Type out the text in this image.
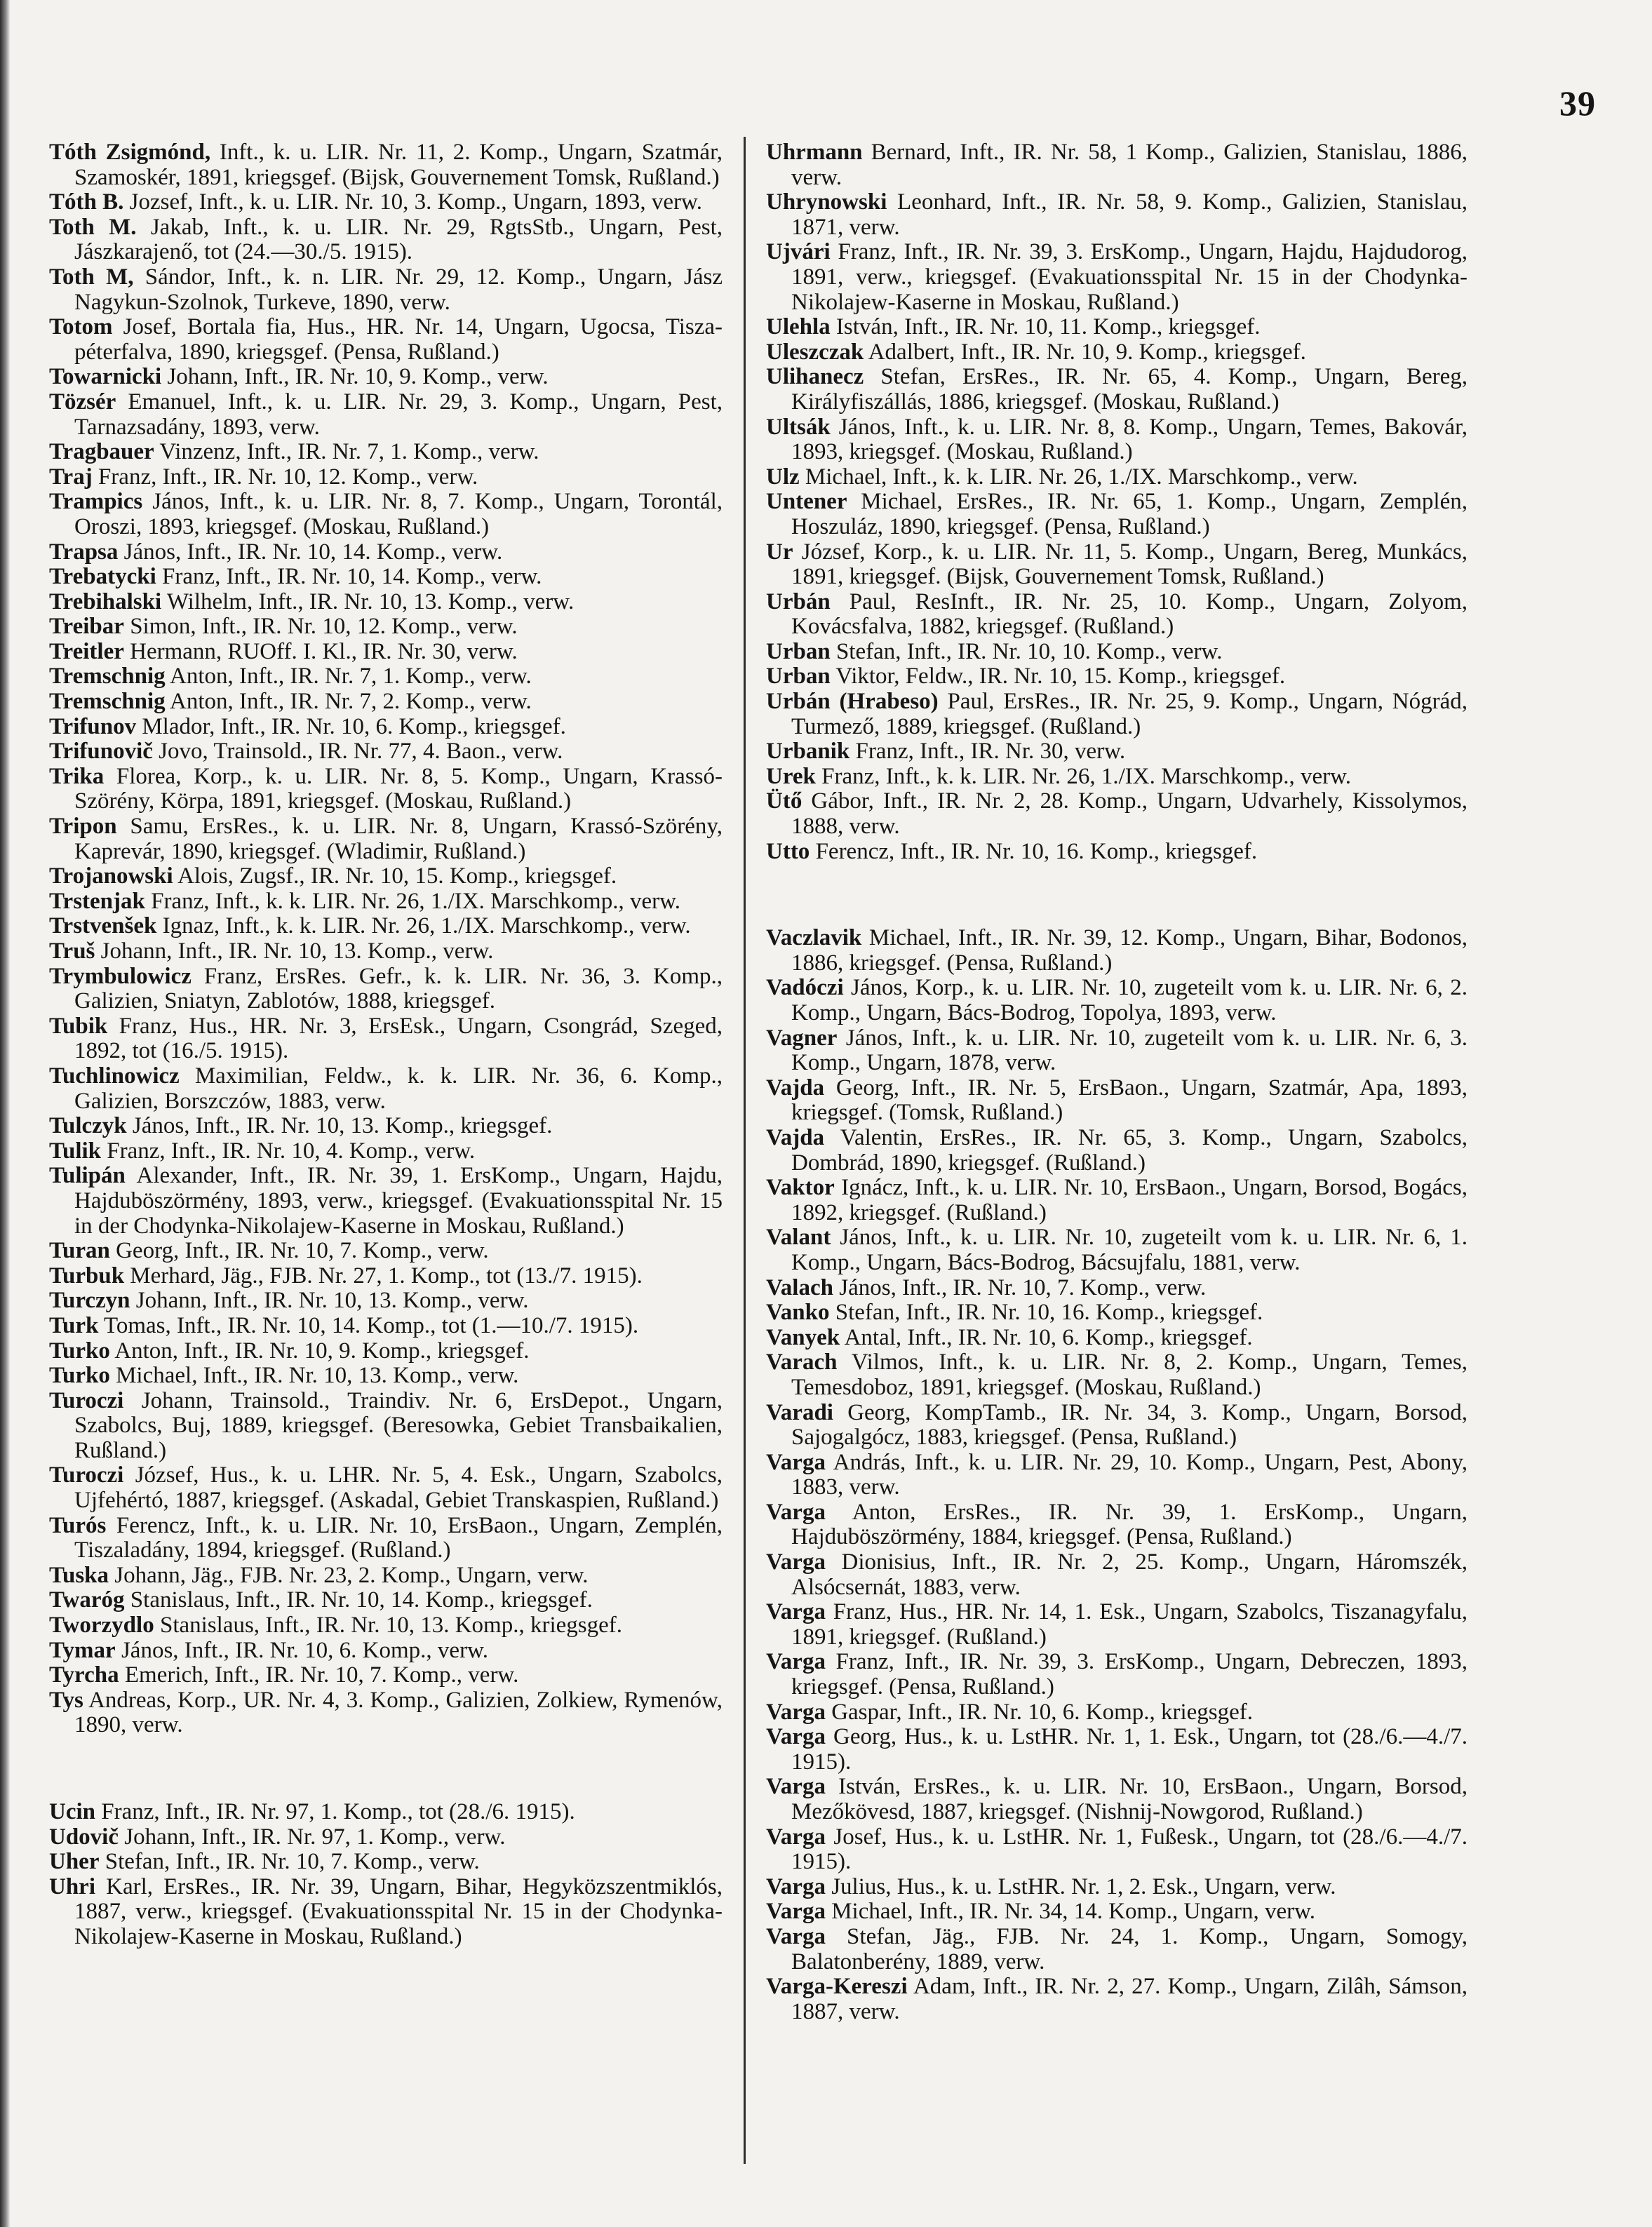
39
Tóth Zsigmónd, Inft., k. u. LIR. Nr. 11, 2. Komp., Ungarn, Szatmár, Szamoskér, 1891, kriegsgef. (Bijsk, Gouvernement Tomsk, Rußland.)
Tóth B. Jozsef, Inft., k. u. LIR. Nr. 10, 3. Komp., Ungarn, 1893, verw.
Toth M. Jakab, Inft., k. u. LIR. Nr. 29, RgtsStb., Ungarn, Pest, Jászkarajenő, tot (24.—30./5. 1915).
Toth M, Sándor, Inft., k. n. LIR. Nr. 29, 12. Komp., Ungarn, Jász Nagykun-Szolnok, Turkeve, 1890, verw.
Totom Josef, Bortala fia, Hus., HR. Nr. 14, Ungarn, Ugocsa, Tisza-péterfalva, 1890, kriegsgef. (Pensa, Rußland.)
Towarnicki Johann, Inft., IR. Nr. 10, 9. Komp., verw.
Tözsér Emanuel, Inft., k. u. LIR. Nr. 29, 3. Komp., Ungarn, Pest, Tarnazsadány, 1893, verw.
Tragbauer Vinzenz, Inft., IR. Nr. 7, 1. Komp., verw.
Traj Franz, Inft., IR. Nr. 10, 12. Komp., verw.
Trampics János, Inft., k. u. LIR. Nr. 8, 7. Komp., Ungarn, Torontál, Oroszi, 1893, kriegsgef. (Moskau, Rußland.)
Trapsa János, Inft., IR. Nr. 10, 14. Komp., verw.
Trebatycki Franz, Inft., IR. Nr. 10, 14. Komp., verw.
Trebihalski Wilhelm, Inft., IR. Nr. 10, 13. Komp., verw.
Treibar Simon, Inft., IR. Nr. 10, 12. Komp., verw.
Treitler Hermann, RUOff. I. Kl., IR. Nr. 30, verw.
Tremschnig Anton, Inft., IR. Nr. 7, 1. Komp., verw.
Tremschnig Anton, Inft., IR. Nr. 7, 2. Komp., verw.
Trifunov Mlador, Inft., IR. Nr. 10, 6. Komp., kriegsgef.
Trifunovič Jovo, Trainsold., IR. Nr. 77, 4. Baon., verw.
Trika Florea, Korp., k. u. LIR. Nr. 8, 5. Komp., Ungarn, Krassó-Szörény, Körpa, 1891, kriegsgef. (Moskau, Rußland.)
Tripon Samu, ErsRes., k. u. LIR. Nr. 8, Ungarn, Krassó-Szörény, Kaprevár, 1890, kriegsgef. (Wladimir, Rußland.)
Trojanowski Alois, Zugsf., IR. Nr. 10, 15. Komp., kriegsgef.
Trstenjak Franz, Inft., k. k. LIR. Nr. 26, 1./IX. Marschkomp., verw.
Trstvenšek Ignaz, Inft., k. k. LIR. Nr. 26, 1./IX. Marschkomp., verw.
Truš Johann, Inft., IR. Nr. 10, 13. Komp., verw.
Trymbulowicz Franz, ErsRes. Gefr., k. k. LIR. Nr. 36, 3. Komp., Galizien, Sniatyn, Zablotów, 1888, kriegsgef.
Tubik Franz, Hus., HR. Nr. 3, ErsEsk., Ungarn, Csongrád, Szeged, 1892, tot (16./5. 1915).
Tuchlinowicz Maximilian, Feldw., k. k. LIR. Nr. 36, 6. Komp., Galizien, Borszczów, 1883, verw.
Tulczyk János, Inft., IR. Nr. 10, 13. Komp., kriegsgef.
Tulik Franz, Inft., IR. Nr. 10, 4. Komp., verw.
Tulipán Alexander, Inft., IR. Nr. 39, 1. ErsKomp., Ungarn, Hajdu, Hajduböszörmény, 1893, verw., kriegsgef. (Evakuationsspital Nr. 15 in der Chodynka-Nikolajew-Kaserne in Moskau, Rußland.)
Turan Georg, Inft., IR. Nr. 10, 7. Komp., verw.
Turbuk Merhard, Jäg., FJB. Nr. 27, 1. Komp., tot (13./7. 1915).
Turczyn Johann, Inft., IR. Nr. 10, 13. Komp., verw.
Turk Tomas, Inft., IR. Nr. 10, 14. Komp., tot (1.—10./7. 1915).
Turko Anton, Inft., IR. Nr. 10, 9. Komp., kriegsgef.
Turko Michael, Inft., IR. Nr. 10, 13. Komp., verw.
Turoczi Johann, Trainsold., Traindiv. Nr. 6, ErsDepot., Ungarn, Szabolcs, Buj, 1889, kriegsgef. (Beresowka, Gebiet Transbaikalien, Rußland.)
Turoczi József, Hus., k. u. LHR. Nr. 5, 4. Esk., Ungarn, Szabolcs, Ujfehértó, 1887, kriegsgef. (Askadal, Gebiet Transkaspien, Rußland.)
Turós Ferencz, Inft., k. u. LIR. Nr. 10, ErsBaon., Ungarn, Zemplén, Tiszaladány, 1894, kriegsgef. (Rußland.)
Tuska Johann, Jäg., FJB. Nr. 23, 2. Komp., Ungarn, verw.
Twaróg Stanislaus, Inft., IR. Nr. 10, 14. Komp., kriegsgef.
Tworzydlo Stanislaus, Inft., IR. Nr. 10, 13. Komp., kriegsgef.
Tymar János, Inft., IR. Nr. 10, 6. Komp., verw.
Tyrcha Emerich, Inft., IR. Nr. 10, 7. Komp., verw.
Tys Andreas, Korp., UR. Nr. 4, 3. Komp., Galizien, Zolkiew, Rymenów, 1890, verw.
Ucin Franz, Inft., IR. Nr. 97, 1. Komp., tot (28./6. 1915).
Udovič Johann, Inft., IR. Nr. 97, 1. Komp., verw.
Uher Stefan, Inft., IR. Nr. 10, 7. Komp., verw.
Uhri Karl, ErsRes., IR. Nr. 39, Ungarn, Bihar, Hegyközszentmiklós, 1887, verw., kriegsgef. (Evakuationsspital Nr. 15 in der Chodynka-Nikolajew-Kaserne in Moskau, Rußland.)
Uhrmann Bernard, Inft., IR. Nr. 58, 1 Komp., Galizien, Stanislau, 1886, verw.
Uhrynowski Leonhard, Inft., IR. Nr. 58, 9. Komp., Galizien, Stanislau, 1871, verw.
Ujvári Franz, Inft., IR. Nr. 39, 3. ErsKomp., Ungarn, Hajdu, Hajdudorog, 1891, verw., kriegsgef. (Evakuationsspital Nr. 15 in der Chodynka-Nikolajew-Kaserne in Moskau, Rußland.)
Ulehla István, Inft., IR. Nr. 10, 11. Komp., kriegsgef.
Uleszczak Adalbert, Inft., IR. Nr. 10, 9. Komp., kriegsgef.
Ulihanecz Stefan, ErsRes., IR. Nr. 65, 4. Komp., Ungarn, Bereg, Királyfiszállás, 1886, kriegsgef. (Moskau, Rußland.)
Ultsák János, Inft., k. u. LIR. Nr. 8, 8. Komp., Ungarn, Temes, Bakovár, 1893, kriegsgef. (Moskau, Rußland.)
Ulz Michael, Inft., k. k. LIR. Nr. 26, 1./IX. Marschkomp., verw.
Untener Michael, ErsRes., IR. Nr. 65, 1. Komp., Ungarn, Zemplén, Hoszuláz, 1890, kriegsgef. (Pensa, Rußland.)
Ur József, Korp., k. u. LIR. Nr. 11, 5. Komp., Ungarn, Bereg, Munkács, 1891, kriegsgef. (Bijsk, Gouvernement Tomsk, Rußland.)
Urbán Paul, ResInft., IR. Nr. 25, 10. Komp., Ungarn, Zolyom, Kovácsfalva, 1882, kriegsgef. (Rußland.)
Urban Stefan, Inft., IR. Nr. 10, 10. Komp., verw.
Urban Viktor, Feldw., IR. Nr. 10, 15. Komp., kriegsgef.
Urbán (Hrabeso) Paul, ErsRes., IR. Nr. 25, 9. Komp., Ungarn, Nógrád, Turmező, 1889, kriegsgef. (Rußland.)
Urbanik Franz, Inft., IR. Nr. 30, verw.
Urek Franz, Inft., k. k. LIR. Nr. 26, 1./IX. Marschkomp., verw.
Ütő Gábor, Inft., IR. Nr. 2, 28. Komp., Ungarn, Udvarhely, Kissolymos, 1888, verw.
Utto Ferencz, Inft., IR. Nr. 10, 16. Komp., kriegsgef.
Vaczlavik Michael, Inft., IR. Nr. 39, 12. Komp., Ungarn, Bihar, Bodonos, 1886, kriegsgef. (Pensa, Rußland.)
Vadóczi János, Korp., k. u. LIR. Nr. 10, zugeteilt vom k. u. LIR. Nr. 6, 2. Komp., Ungarn, Bács-Bodrog, Topolya, 1893, verw.
Vagner János, Inft., k. u. LIR. Nr. 10, zugeteilt vom k. u. LIR. Nr. 6, 3. Komp., Ungarn, 1878, verw.
Vajda Georg, Inft., IR. Nr. 5, ErsBaon., Ungarn, Szatmár, Apa, 1893, kriegsgef. (Tomsk, Rußland.)
Vajda Valentin, ErsRes., IR. Nr. 65, 3. Komp., Ungarn, Szabolcs, Dombrád, 1890, kriegsgef. (Rußland.)
Vaktor Ignácz, Inft., k. u. LIR. Nr. 10, ErsBaon., Ungarn, Borsod, Bogács, 1892, kriegsgef. (Rußland.)
Valant János, Inft., k. u. LIR. Nr. 10, zugeteilt vom k. u. LIR. Nr. 6, 1. Komp., Ungarn, Bács-Bodrog, Bácsujfalu, 1881, verw.
Valach János, Inft., IR. Nr. 10, 7. Komp., verw.
Vanko Stefan, Inft., IR. Nr. 10, 16. Komp., kriegsgef.
Vanyek Antal, Inft., IR. Nr. 10, 6. Komp., kriegsgef.
Varach Vilmos, Inft., k. u. LIR. Nr. 8, 2. Komp., Ungarn, Temes, Temesdoboz, 1891, kriegsgef. (Moskau, Rußland.)
Varadi Georg, KompTamb., IR. Nr. 34, 3. Komp., Ungarn, Borsod, Sajogalgócz, 1883, kriegsgef. (Pensa, Rußland.)
Varga András, Inft., k. u. LIR. Nr. 29, 10. Komp., Ungarn, Pest, Abony, 1883, verw.
Varga Anton, ErsRes., IR. Nr. 39, 1. ErsKomp., Ungarn, Hajduböszörmény, 1884, kriegsgef. (Pensa, Rußland.)
Varga Dionisius, Inft., IR. Nr. 2, 25. Komp., Ungarn, Háromszék, Alsócsernát, 1883, verw.
Varga Franz, Hus., HR. Nr. 14, 1. Esk., Ungarn, Szabolcs, Tiszanagyfalu, 1891, kriegsgef. (Rußland.)
Varga Franz, Inft., IR. Nr. 39, 3. ErsKomp., Ungarn, Debreczen, 1893, kriegsgef. (Pensa, Rußland.)
Varga Gaspar, Inft., IR. Nr. 10, 6. Komp., kriegsgef.
Varga Georg, Hus., k. u. LstHR. Nr. 1, 1. Esk., Ungarn, tot (28./6.—4./7. 1915).
Varga István, ErsRes., k. u. LIR. Nr. 10, ErsBaon., Ungarn, Borsod, Mezőkövesd, 1887, kriegsgef. (Nishnij-Nowgorod, Rußland.)
Varga Josef, Hus., k. u. LstHR. Nr. 1, Fußesk., Ungarn, tot (28./6.—4./7. 1915).
Varga Julius, Hus., k. u. LstHR. Nr. 1, 2. Esk., Ungarn, verw.
Varga Michael, Inft., IR. Nr. 34, 14. Komp., Ungarn, verw.
Varga Stefan, Jäg., FJB. Nr. 24, 1. Komp., Ungarn, Somogy, Balatonberény, 1889, verw.
Varga-Kereszi Adam, Inft., IR. Nr. 2, 27. Komp., Ungarn, Zilâh, Sámson, 1887, verw.
